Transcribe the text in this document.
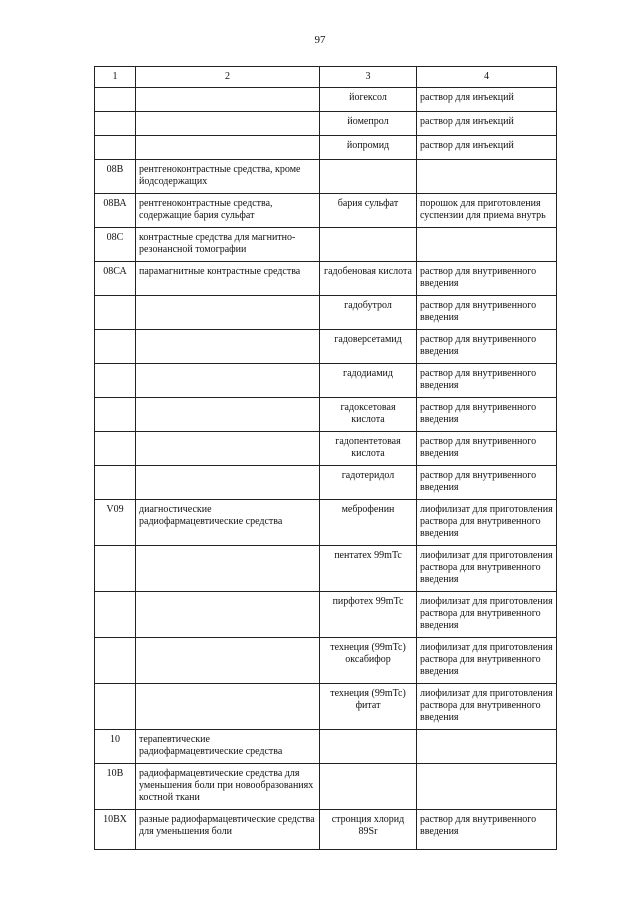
97
1	2	3	4
		йогексол	раствор для инъекций
		йомепрол	раствор для инъекций
		йопромид	раствор для инъекций
08В	рентгеноконтрастные средства, кроме йодсодержащих		
08ВА	рентгеноконтрастные средства, содержащие бария сульфат	бария сульфат	порошок для приготовления суспензии для приема внутрь
08С	контрастные средства для магнитно-резонансной томографии		
08СА	парамагнитные контрастные средства	гадобеновая кислота	раствор для внутривенного введения
		гадобутрол	раствор для внутривенного введения
		гадоверсетамид	раствор для внутривенного введения
		гадодиамид	раствор для внутривенного введения
		гадоксетовая кислота	раствор для внутривенного введения
		гадопентетовая кислота	раствор для внутривенного введения
		гадотеридол	раствор для внутривенного введения
V09	диагностические радиофармацевтические средства	меброфенин	лиофилизат для приготовления раствора для внутривенного введения
		пентатех 99mTc	лиофилизат для приготовления раствора для внутривенного введения
		пирфотех 99mTc	лиофилизат для приготовления раствора для внутривенного введения
		технеция (99mTc) оксабифор	лиофилизат для приготовления раствора для внутривенного введения
		технеция (99mTc) фитат	лиофилизат для приготовления раствора для внутривенного введения
10	терапевтические радиофармацевтические средства		
10В	радиофармацевтические средства для уменьшения боли при новообразованиях костной ткани		
10ВХ	разные радиофармацевтические средства для уменьшения боли	стронция хлорид 89Sr	раствор для внутривенного введения
